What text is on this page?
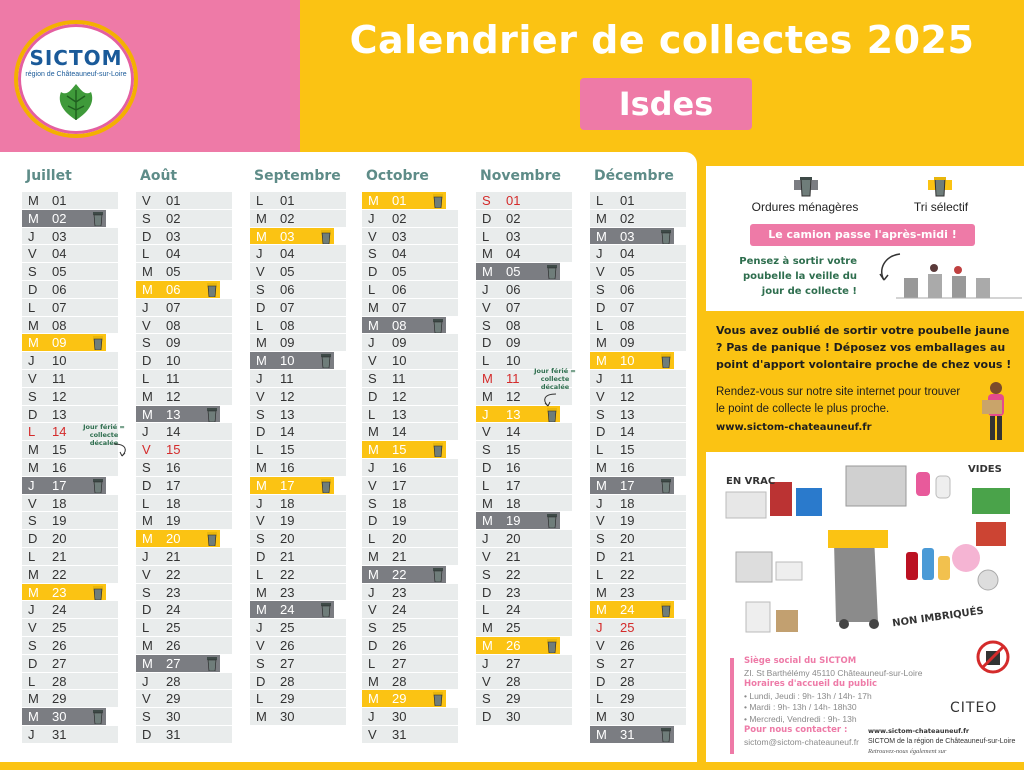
SICTOM
région de Châteauneuf-sur-Loire
Calendrier de collectes 2025
Isdes
Juillet
M	01
M	02
J	03
V	04
S	05
D	06
L	07
M	08
M	09
J	10
V	11
S	12
D	13
L	14
M	15
M	16
J	17
V	18
S	19
D	20
L	21
M	22
M	23
J	24
V	25
S	26
D	27
L	28
M	29
M	30
J	31
Août
V	01
S	02
D	03
L	04
M	05
M	06
J	07
V	08
S	09
D	10
L	11
M	12
M	13
J	14
V	15
S	16
D	17
L	18
M	19
M	20
J	21
V	22
S	23
D	24
L	25
M	26
M	27
J	28
V	29
S	30
D	31
Septembre
L	01
M	02
M	03
J	04
V	05
S	06
D	07
L	08
M	09
M	10
J	11
V	12
S	13
D	14
L	15
M	16
M	17
J	18
V	19
S	20
D	21
L	22
M	23
M	24
J	25
V	26
S	27
D	28
L	29
M	30
Octobre
M	01
J	02
V	03
S	04
D	05
L	06
M	07
M	08
J	09
V	10
S	11
D	12
L	13
M	14
M	15
J	16
V	17
S	18
D	19
L	20
M	21
M	22
J	23
V	24
S	25
D	26
L	27
M	28
M	29
J	30
V	31
Novembre
S	01
D	02
L	03
M	04
M	05
J	06
V	07
S	08
D	09
L	10
M	11
M	12
J	13
V	14
S	15
D	16
L	17
M	18
M	19
J	20
V	21
S	22
D	23
L	24
M	25
M	26
J	27
V	28
S	29
D	30
Décembre
L	01
M	02
M	03
J	04
V	05
S	06
D	07
L	08
M	09
M	10
J	11
V	12
S	13
D	14
L	15
M	16
M	17
J	18
V	19
S	20
D	21
L	22
M	23
M	24
J	25
V	26
S	27
D	28
L	29
M	30
M	31
Jour férié = collecte décalée
Jour férié = collecte décalée
Ordures ménagères	Tri sélectif
Le camion passe l'après-midi !
Pensez à sortir votre poubelle la veille du jour de collecte !
Vous avez oublié de sortir votre poubelle jaune ? Pas de panique ! Déposez vos emballages au point d'apport volontaire proche de chez vous !
Rendez-vous sur notre site internet pour trouver le point de collecte le plus proche.
www.sictom-chateauneuf.fr
EN VRAC
VIDES
NON IMBRIQUÉS
Siège social du SICTOM
ZI. St Barthélémy 45110 Châteauneuf-sur-Loire
Horaires d'accueil du public
• Lundi, Jeudi : 9h- 13h / 14h- 17h
• Mardi : 9h- 13h / 14h- 18h30
• Mercredi, Vendredi : 9h- 13h
Pour nous contacter :
sictom@sictom-chateauneuf.fr
CITEO
www.sictom-chateauneuf.fr
SICTOM de la région de Châteauneuf-sur-Loire
Retrouvez-nous également sur
